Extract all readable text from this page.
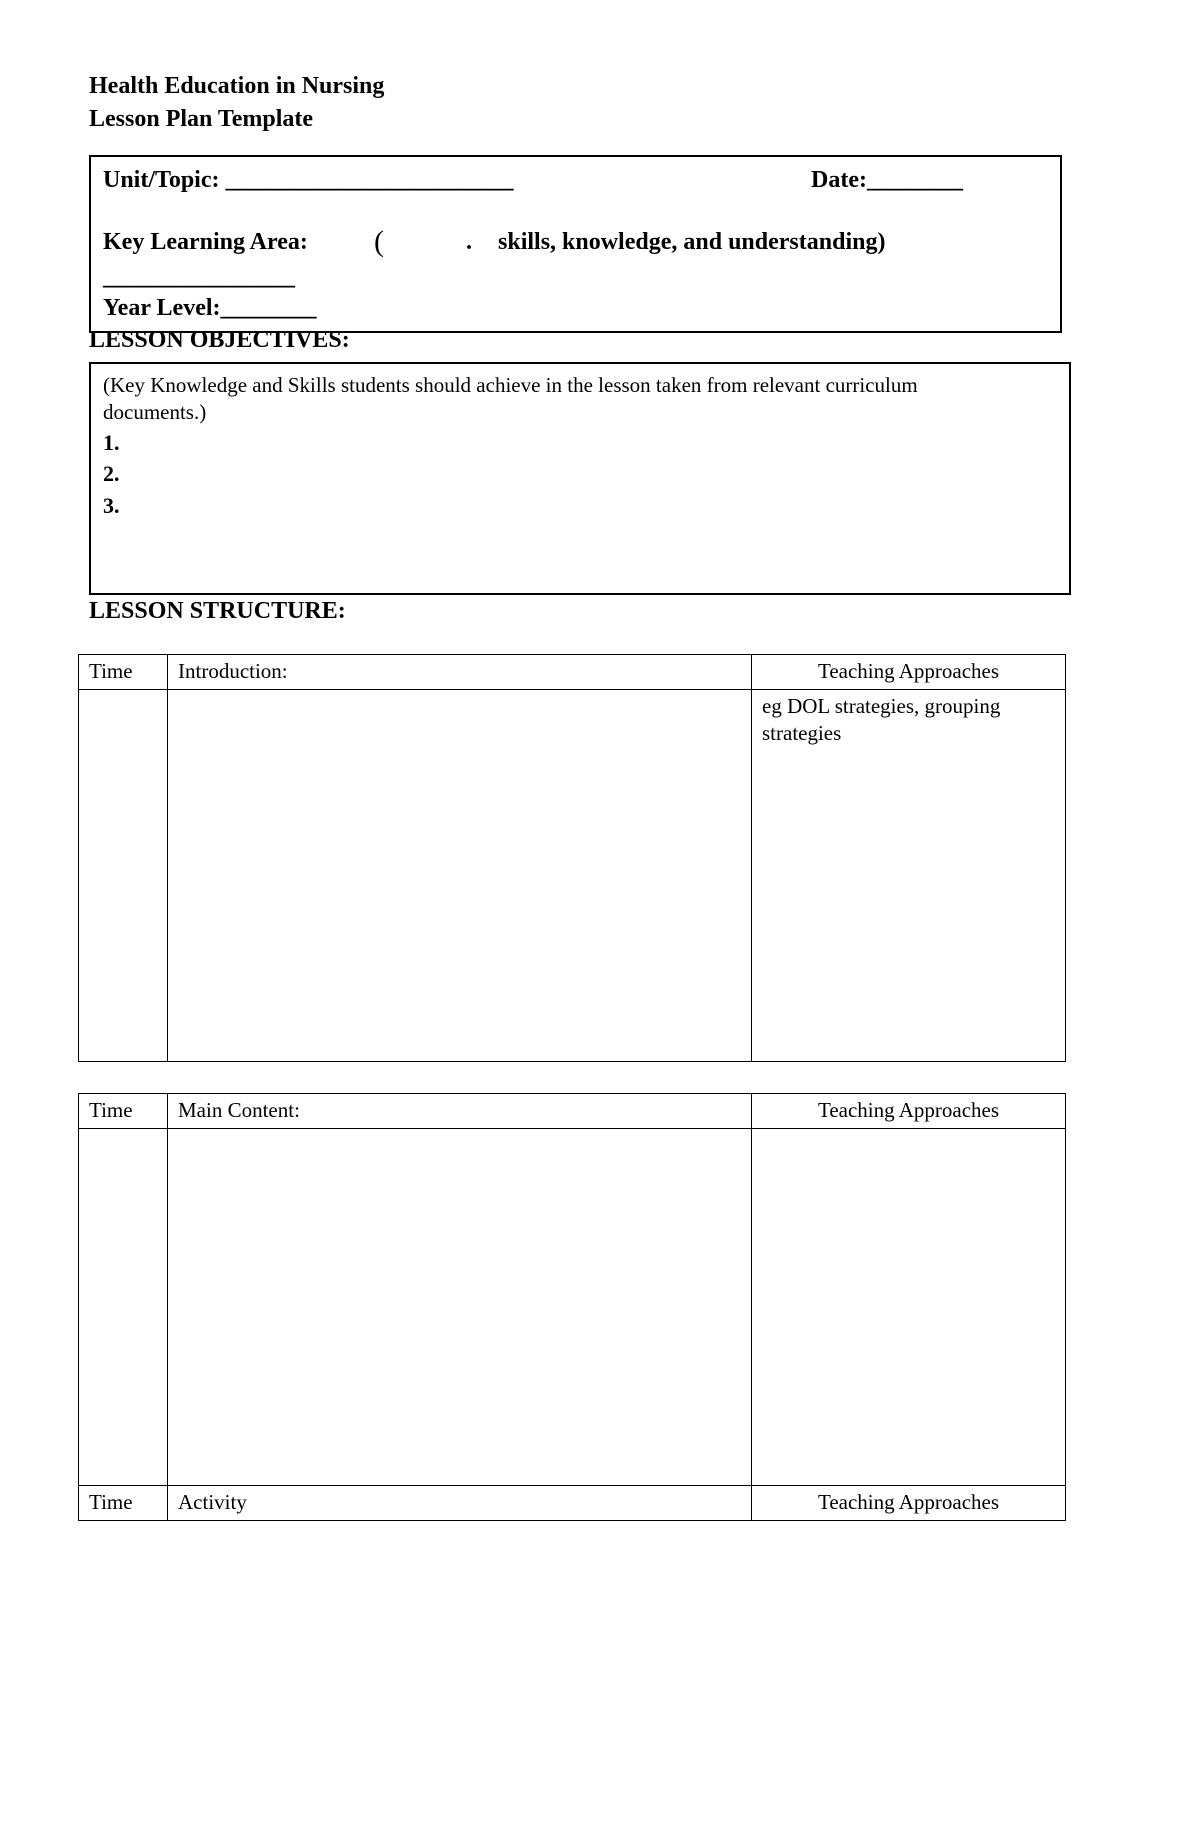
Health Education in Nursing
Lesson Plan Template
Unit/Topic: ________________________	Date:________
Key Learning Area: (	. skills, knowledge, and understanding)
________________
Year Level:________
LESSON OBJECTIVES:
(Key Knowledge and Skills students should achieve in the lesson taken from relevant curriculum documents.)
1.
2.
3.
LESSON STRUCTURE:
Time	Introduction:	Teaching Approaches
		eg DOL strategies, grouping strategies
Time	Main Content:	Teaching Approaches

Time	Activity	Teaching Approaches
